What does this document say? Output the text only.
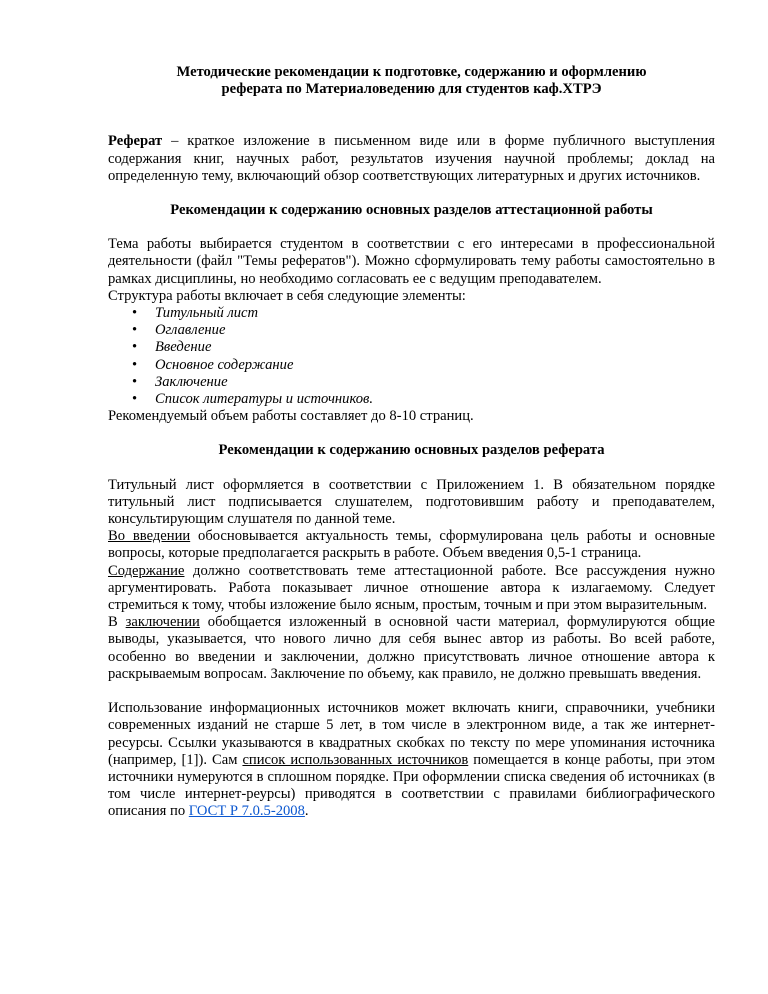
Методические рекомендации к подготовке, содержанию и оформлению
реферата по Материаловедению для студентов каф.ХТРЭ

Реферат – краткое изложение в письменном виде или в форме публичного выступления содержания книг, научных работ, результатов изучения научной проблемы; доклад на определенную тему, включающий обзор соответствующих литературных и других источников.

Рекомендации к содержанию основных разделов аттестационной работы

Тема работы выбирается студентом в соответствии с его интересами в профессиональной деятельности (файл "Темы рефератов"). Можно сформулировать тему работы самостоятельно в рамках дисциплины, но необходимо согласовать ее с ведущим преподавателем.

Структура работы включает в себя следующие элементы:

• Титульный лист
• Оглавление
• Введение
• Основное содержание
• Заключение
• Список литературы и источников.

Рекомендуемый объем работы составляет до 8-10 страниц.

Рекомендации к содержанию основных разделов реферата

Титульный лист оформляется в соответствии с Приложением 1. В обязательном порядке титульный лист подписывается слушателем, подготовившим работу и преподавателем, консультирующим слушателя по данной теме.

Во введении обосновывается актуальность темы, сформулирована цель работы и основные вопросы, которые предполагается раскрыть в работе. Объем введения 0,5-1 страница.

Содержание должно соответствовать теме аттестационной работе. Все рассуждения нужно аргументировать. Работа показывает личное отношение автора к излагаемому. Следует стремиться к тому, чтобы изложение было ясным, простым, точным и при этом выразительным.

В заключении обобщается изложенный в основной части материал, формулируются общие выводы, указывается, что нового лично для себя вынес автор из работы. Во всей работе, особенно во введении и заключении, должно присутствовать личное отношение автора к раскрываемым вопросам. Заключение по объему, как правило, не должно превышать введения.

Использование информационных источников может включать книги, справочники, учебники современных изданий не старше 5 лет, в том числе в электронном виде, а так же интернет-ресурсы. Ссылки указываются в квадратных скобках по тексту по мере упоминания источника (например, [1]). Сам список использованных источников помещается в конце работы, при этом источники нумеруются в сплошном порядке. При оформлении списка сведения об источниках (в том числе интернет-реурсы) приводятся в соответствии с правилами библиографического описания по ГОСТ Р 7.0.5-2008.
